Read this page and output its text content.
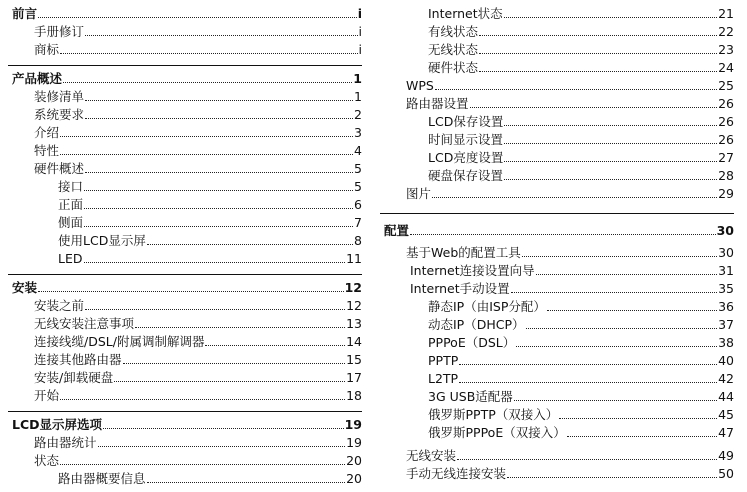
前言	i
手册修订	i
商标	i
产品概述	1
装修清单	1
系统要求	2
介绍	3
特性	4
硬件概述	5
接口	5
正面	6
侧面	7
使用LCD显示屏	8
LED	11
安装	12
安装之前	12
无线安装注意事项	13
连接线缆/DSL/附属调制解调器	14
连接其他路由器	15
安装/卸载硬盘	17
开始	18
LCD显示屏选项	19
路由器统计	19
状态	20
路由器概要信息	20
Internet状态	21
有线状态	22
无线状态	23
硬件状态	24
WPS	25
路由器设置	26
LCD保存设置	26
时间显示设置	26
LCD亮度设置	27
硬盘保存设置	28
图片	29
配置	30
基于Web的配置工具	30
Internet连接设置向导	31
Internet手动设置	35
静态IP（由ISP分配）	36
动态IP（DHCP）	37
PPPoE（DSL）	38
PPTP	40
L2TP	42
3G USB适配器	44
俄罗斯PPTP（双接入）	45
俄罗斯PPPoE（双接入）	47
无线安装	49
手动无线连接安装	50
